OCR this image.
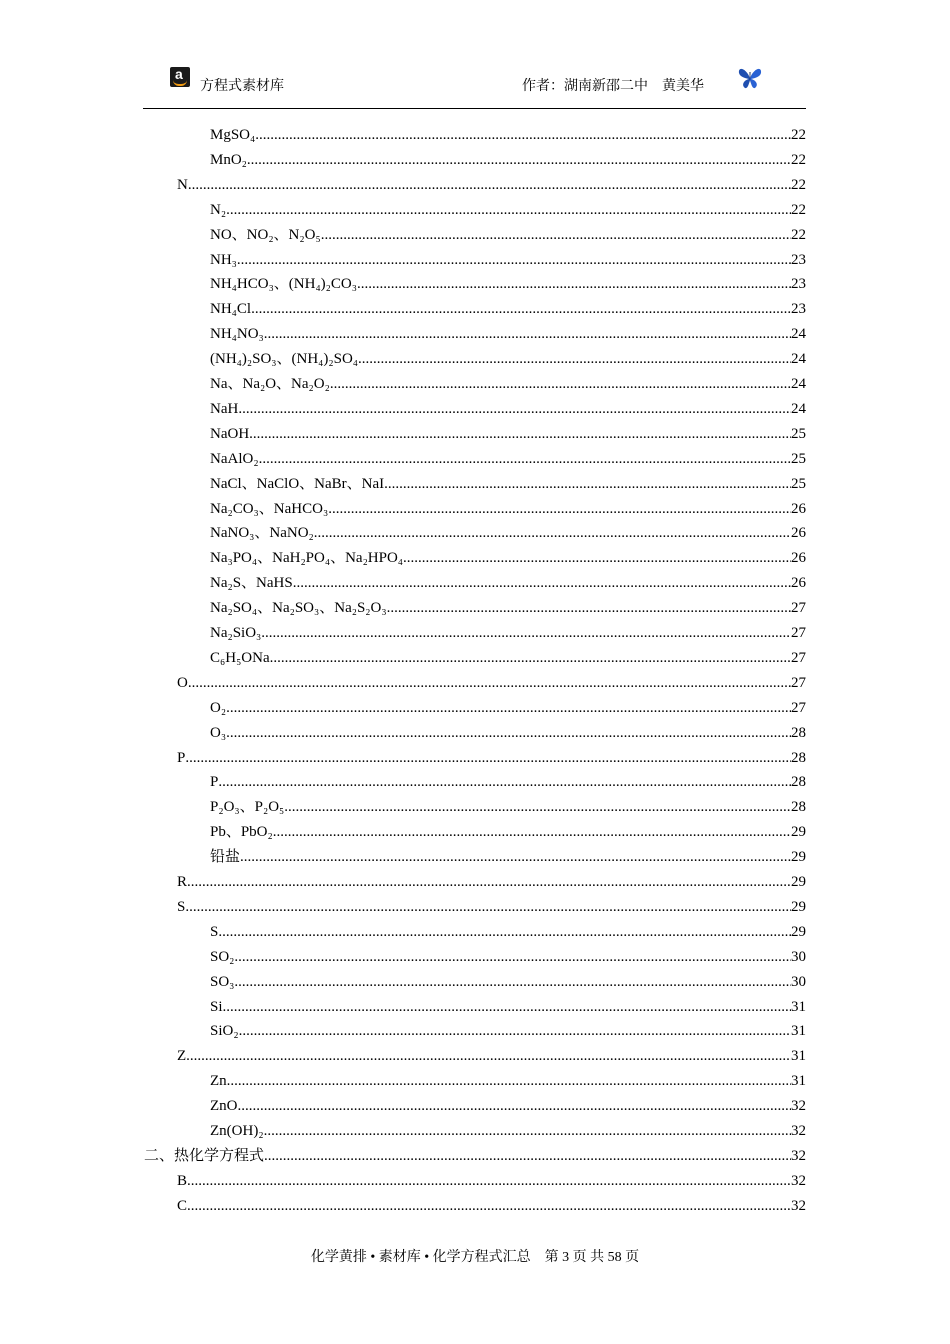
a
方程式素材库	作者：湖南新邵二中　黄美华
MgSO₄ .....	22
MnO₂ .....	22
N .....	22
N₂ .....	22
NO、NO₂、N₂O₅ .....	22
NH₃ .....	23
NH₄HCO₃、(NH₄)₂CO₃ .....	23
NH₄Cl .....	23
NH₄NO₃ .....	24
(NH₄)₂SO₃、(NH₄)₂SO₄ .....	24
Na、Na₂O、Na₂O₂ .....	24
NaH .....	24
NaOH .....	25
NaAlO₂ .....	25
NaCl、NaClO、NaBr、NaI .....	25
Na₂CO₃、NaHCO₃ .....	26
NaNO₃、NaNO₂ .....	26
Na₃PO₄、NaH₂PO₄、Na₂HPO₄ .....	26
Na₂S、NaHS .....	26
Na₂SO₄、Na₂SO₃、Na₂S₂O₃ .....	27
Na₂SiO₃ .....	27
C₆H₅ONa .....	27
O .....	27
O₂ .....	27
O₃ .....	28
P .....	28
P .....	28
P₂O₃、P₂O₅ .....	28
Pb、PbO₂ .....	29
铅盐 .....	29
R .....	29
S .....	29
S .....	29
SO₂ .....	30
SO₃ .....	30
Si .....	31
SiO₂ .....	31
Z .....	31
Zn .....	31
ZnO .....	32
Zn(OH)₂ .....	32
二、热化学方程式 .....	32
B .....	32
C .....	32
化学黄排 • 素材库 • 化学方程式汇总　第 3 页 共 58 页
